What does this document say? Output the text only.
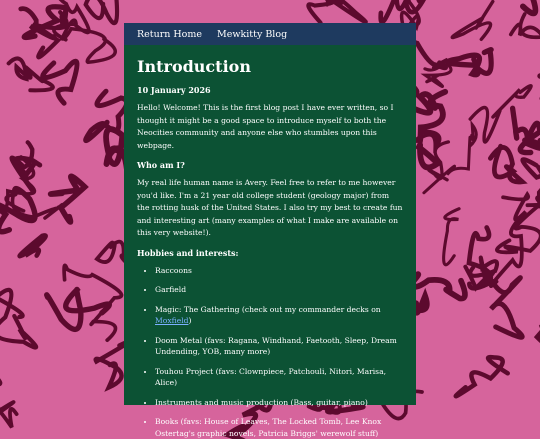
Return Home Mewkitty Blog
Introduction
10 January 2026

Hello! Welcome! This is the first blog post I have ever written, so I thought it might be a good space to introduce myself to both the Neocities community and anyone else who stumbles upon this webpage.

Who am I?

My real life human name is Avery. Feel free to refer to me however you'd like. I'm a 21 year old college student (geology major) from the rotting husk of the United States. I also try my best to create fun and interesting art (many examples of what I make are available on this very website!).

Hobbies and interests:
• Raccoons
• Garfield
• Magic: The Gathering (check out my commander decks on Moxfield)
• Doom Metal (favs: Ragana, Windhand, Faetooth, Sleep, Dream Undending, YOB, many more)
• Touhou Project (favs: Clownpiece, Patchouli, Nitori, Marisa, Alice)
• Instruments and music production (Bass, guitar, piano)
• Books (favs: House of Leaves, The Locked Tomb, Lee Knox Ostertag's graphic novels, Patricia Briggs' werewolf stuff)
